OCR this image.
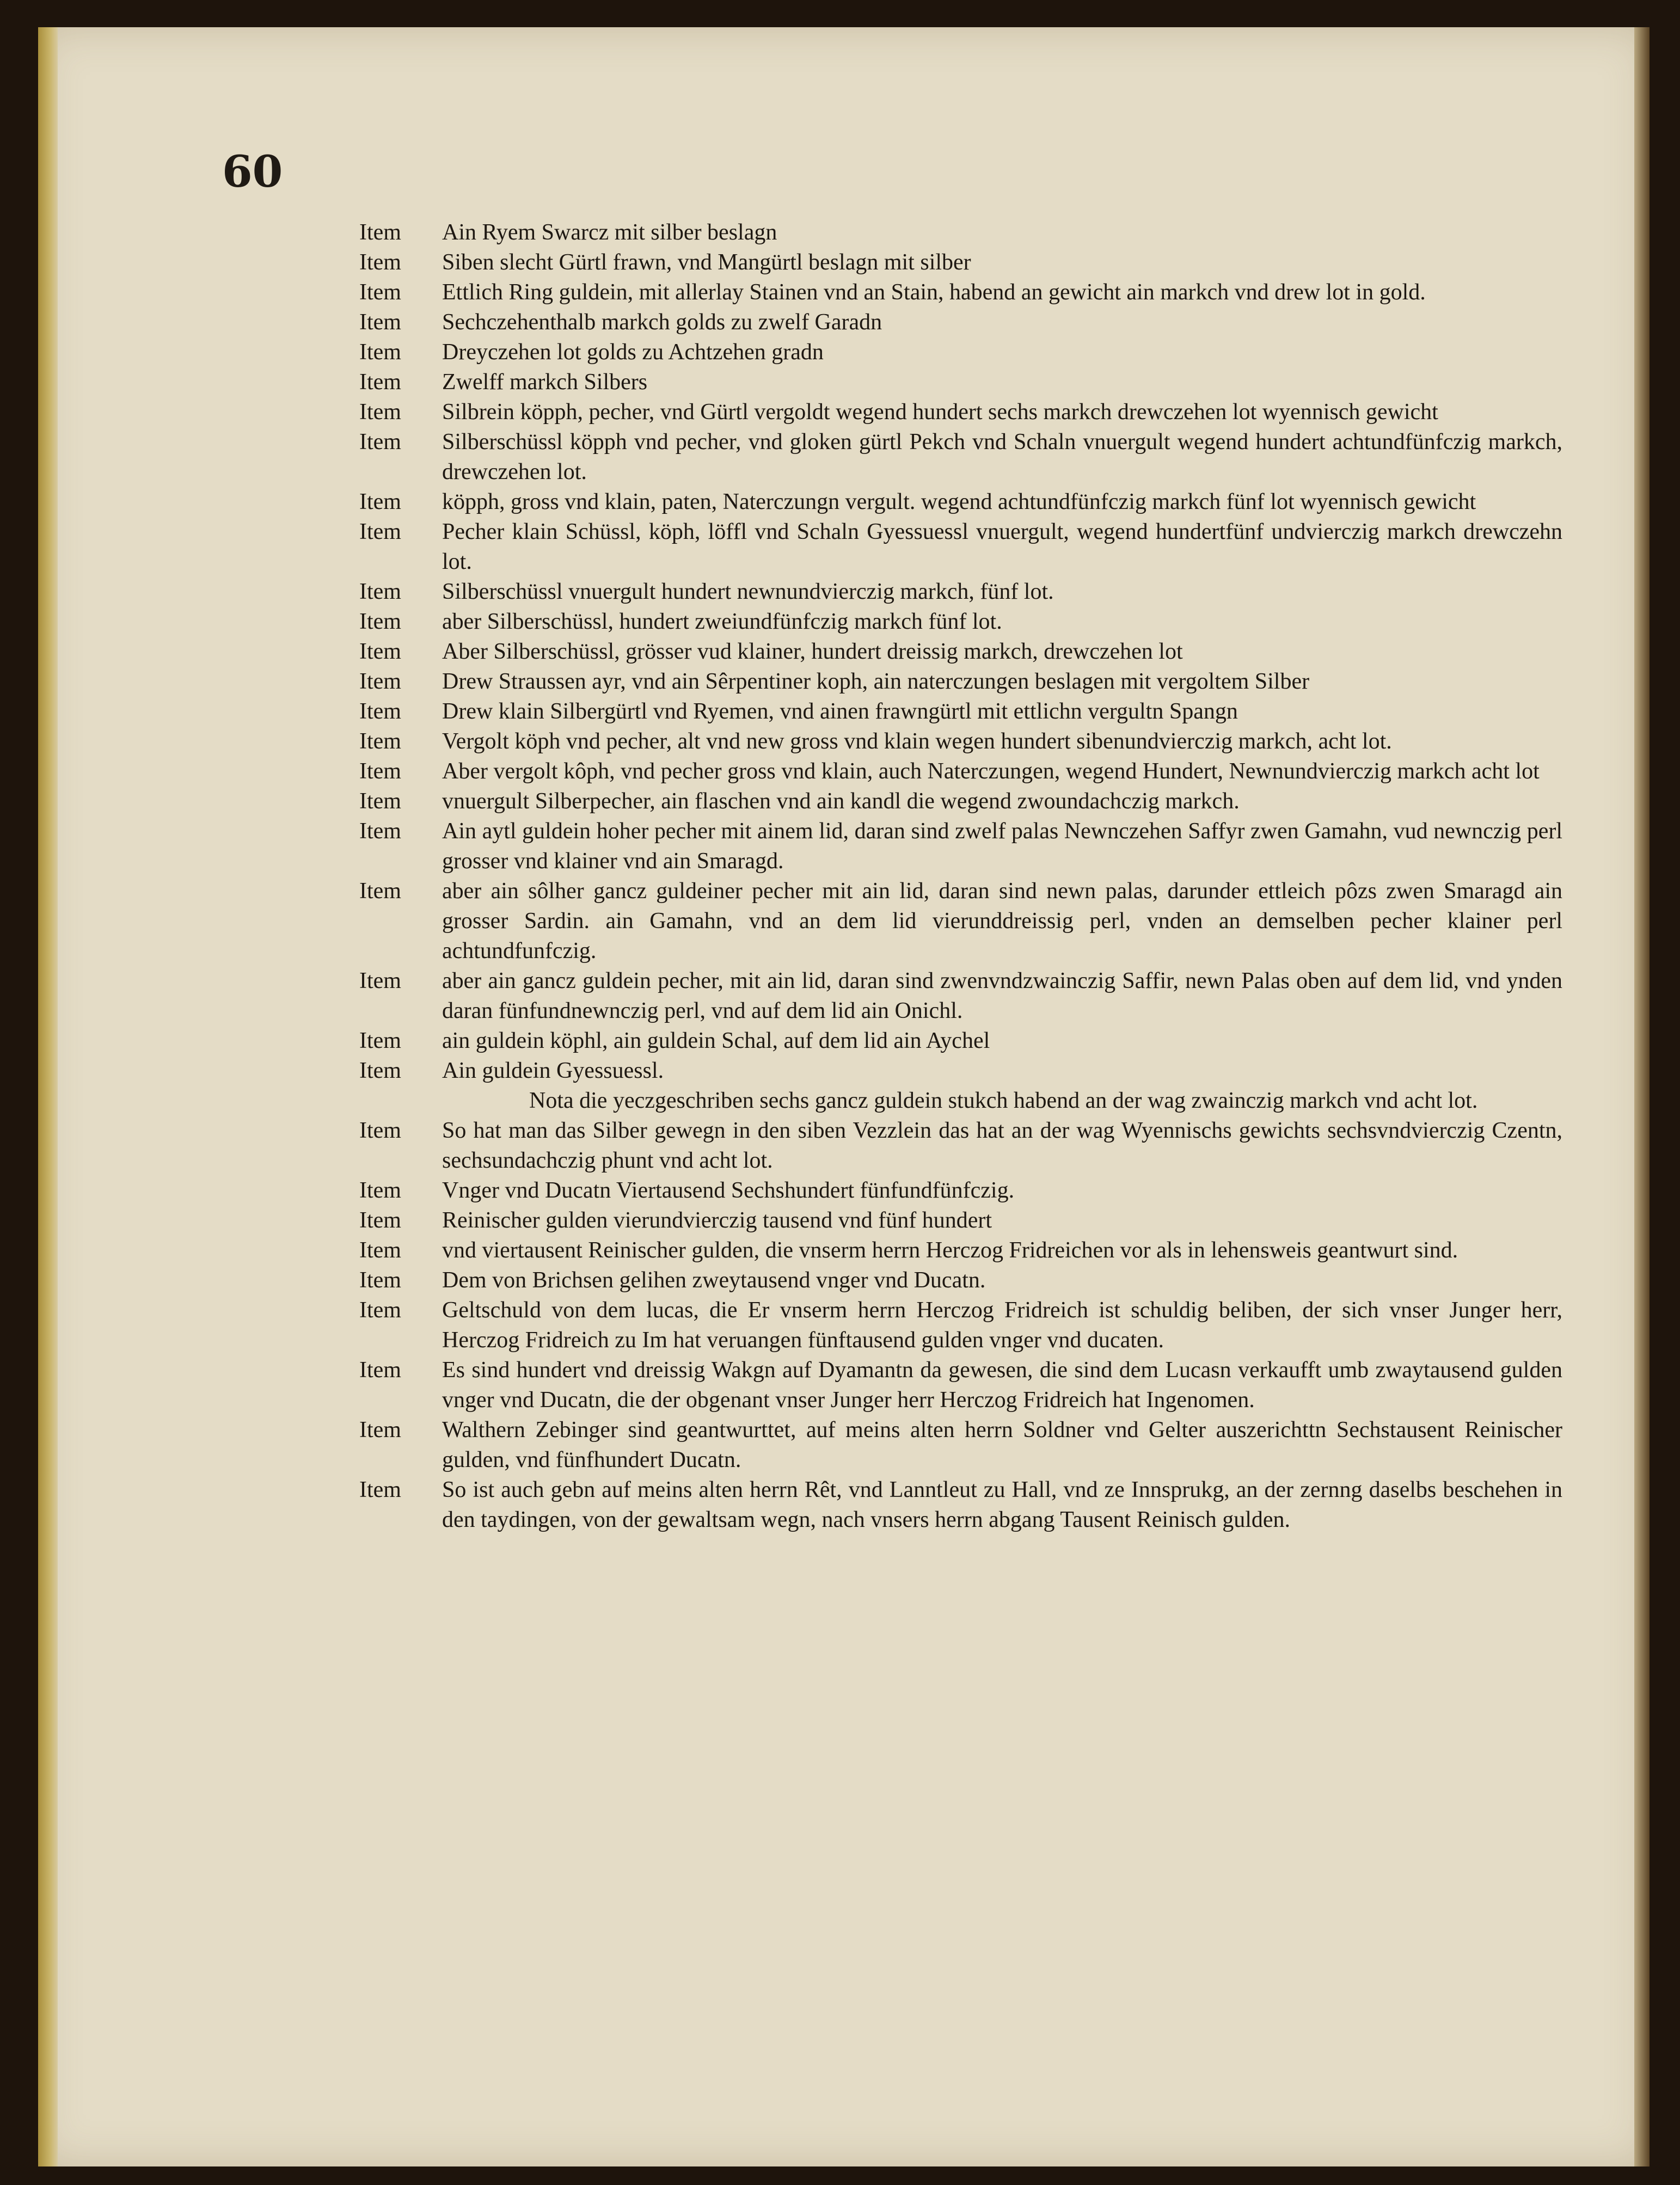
60

Item	Ain Ryem Swarcz mit silber beslagn
Item	Siben slecht Gürtl frawn, vnd Mangürtl beslagn mit silber
Item	Ettlich Ring guldein, mit allerlay Stainen vnd an Stain, habend an gewicht ain markch vnd drew lot in gold.
Item	Sechczehenthalb markch golds zu zwelf Garadn
Item	Dreyczehen lot golds zu Achtzehen gradn
Item	Zwelff markch Silbers
Item	Silbrein köpph, pecher, vnd Gürtl vergoldt wegend hundert sechs markch drewczehen lot wyennisch gewicht
Item	Silberschüssl köpph vnd pecher, vnd gloken gürtl Pekch vnd Schaln vnuergult wegend hundert achtundfünfczig markch, drewczehen lot.
Item	köpph, gross vnd klain, paten, Naterczungn vergult. wegend achtundfünfczig markch fünf lot wyennisch gewicht
Item	Pecher klain Schüssl, köph, löffl vnd Schaln Gyessuessl vnuergult, wegend hundertfünf undvierczig markch drewczehn lot.
Item	Silberschüssl vnuergult hundert newnundvierczig markch, fünf lot.
Item	aber Silberschüssl, hundert zweiundfünfczig markch fünf lot.
Item	Aber Silberschüssl, grösser vud klainer, hundert dreissig markch, drewczehen lot
Item	Drew Straussen ayr, vnd ain Sêrpentiner koph, ain naterczungen beslagen mit vergoltem Silber
Item	Drew klain Silbergürtl vnd Ryemen, vnd ainen frawngürtl mit ettlichn vergultn Spangn
Item	Vergolt köph vnd pecher, alt vnd new gross vnd klain wegen hundert sibenundvierczig markch, acht lot.
Item	Aber vergolt kôph, vnd pecher gross vnd klain, auch Naterczungen, wegend Hundert, Newnundvierczig markch acht lot
Item	vnuergult Silberpecher, ain flaschen vnd ain kandl die wegend zwoundachczig markch.
Item	Ain aytl guldein hoher pecher mit ainem lid, daran sind zwelf palas Newnczehen Saffyr zwen Gamahn, vud newnczig perl grosser vnd klainer vnd ain Smaragd.
Item	aber ain sôlher gancz guldeiner pecher mit ain lid, daran sind newn palas, darunder ettleich pôzs zwen Smaragd ain grosser Sardin. ain Gamahn, vnd an dem lid vierunddreissig perl, vnden an demselben pecher klainer perl achtundfunfczig.
Item	aber ain gancz guldein pecher, mit ain lid, daran sind zwenvndzwainczig Saffir, newn Palas oben auf dem lid, vnd ynden daran fünfundnewnczig perl, vnd auf dem lid ain Onichl.
Item	ain guldein köphl, ain guldein Schal, auf dem lid ain Aychel
Item	Ain guldein Gyessuessl.
Nota die yeczgeschriben sechs gancz guldein stukch habend an der wag zwainczig markch vnd acht lot.
Item	So hat man das Silber gewegn in den siben Vezzlein das hat an der wag Wyennischs gewichts sechsvndvierczig Czentn, sechsundachczig phunt vnd acht lot.
Item	Vnger vnd Ducatn Viertausend Sechshundert fünfundfünfczig.
Item	Reinischer gulden vierundvierczig tausend vnd fünf hundert
Item	vnd viertausent Reinischer gulden, die vnserm herrn Herczog Fridreichen vor als in lehensweis geantwurt sind.
Item	Dem von Brichsen gelihen zweytausend vnger vnd Ducatn.
Item	Geltschuld von dem lucas, die Er vnserm herrn Herczog Fridreich ist schuldig beliben, der sich vnser Junger herr, Herczog Fridreich zu Im hat veruangen fünftausend gulden vnger vnd ducaten.
Item	Es sind hundert vnd dreissig Wakgn auf Dyamantn da gewesen, die sind dem Lucasn verkaufft umb zwaytausend gulden vnger vnd Ducatn, die der obgenant vnser Junger herr Herczog Fridreich hat Ingenomen.
Item	Walthern Zebinger sind geantwurttet, auf meins alten herrn Soldner vnd Gelter auszerichttn Sechstausent Reinischer gulden, vnd fünfhundert Ducatn.
Item	So ist auch gebn auf meins alten herrn Rêt, vnd Lanntleut zu Hall, vnd ze Innsprukg, an der zernng daselbs beschehen in den taydingen, von der gewaltsam wegn, nach vnsers herrn abgang Tausent Reinisch gulden.
